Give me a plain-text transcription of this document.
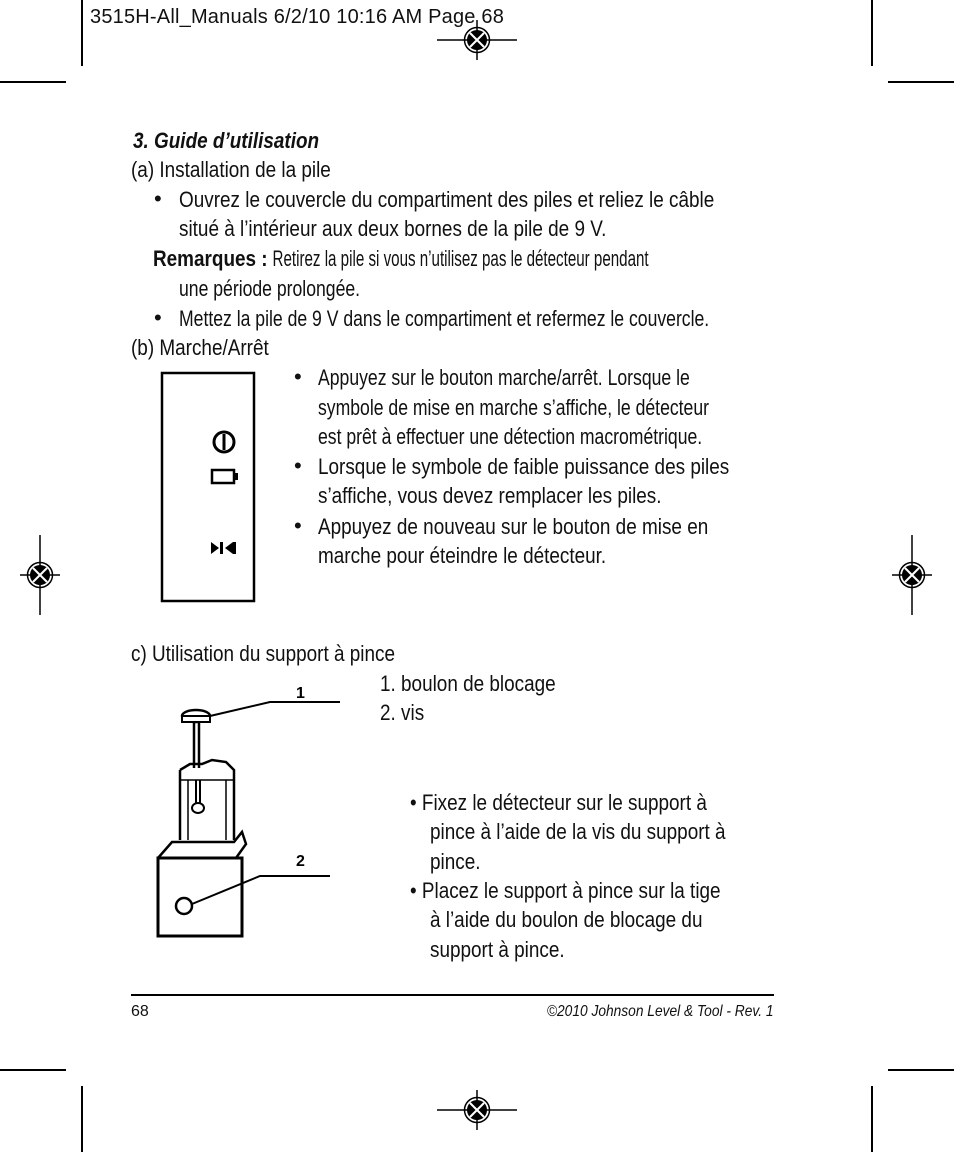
3515H-All_Manuals 6/2/10 10:16 AM Page 68
3. Guide d’utilisation
(a) Installation de la pile
• Ouvrez le couvercle du compartiment des piles et reliez le câble
situé à l’intérieur aux deux bornes de la pile de 9 V.
Remarques : Retirez la pile si vous n’utilisez pas le détecteur pendant
une période prolongée.
• Mettez la pile de 9 V dans le compartiment et refermez le couvercle.
(b) Marche/Arrêt
• Appuyez sur le bouton marche/arrêt. Lorsque le
symbole de mise en marche s’affiche, le détecteur
est prêt à effectuer une détection macrométrique.
• Lorsque le symbole de faible puissance des piles
s’affiche, vous devez remplacer les piles.
• Appuyez de nouveau sur le bouton de mise en
marche pour éteindre le détecteur.
c) Utilisation du support à pince
1. boulon de blocage
2. vis
1
2
• Fixez le détecteur sur le support à
pince à l’aide de la vis du support à
pince.
• Placez le support à pince sur la tige
à l’aide du boulon de blocage du
support à pince.
68	©2010 Johnson Level & Tool - Rev. 1
